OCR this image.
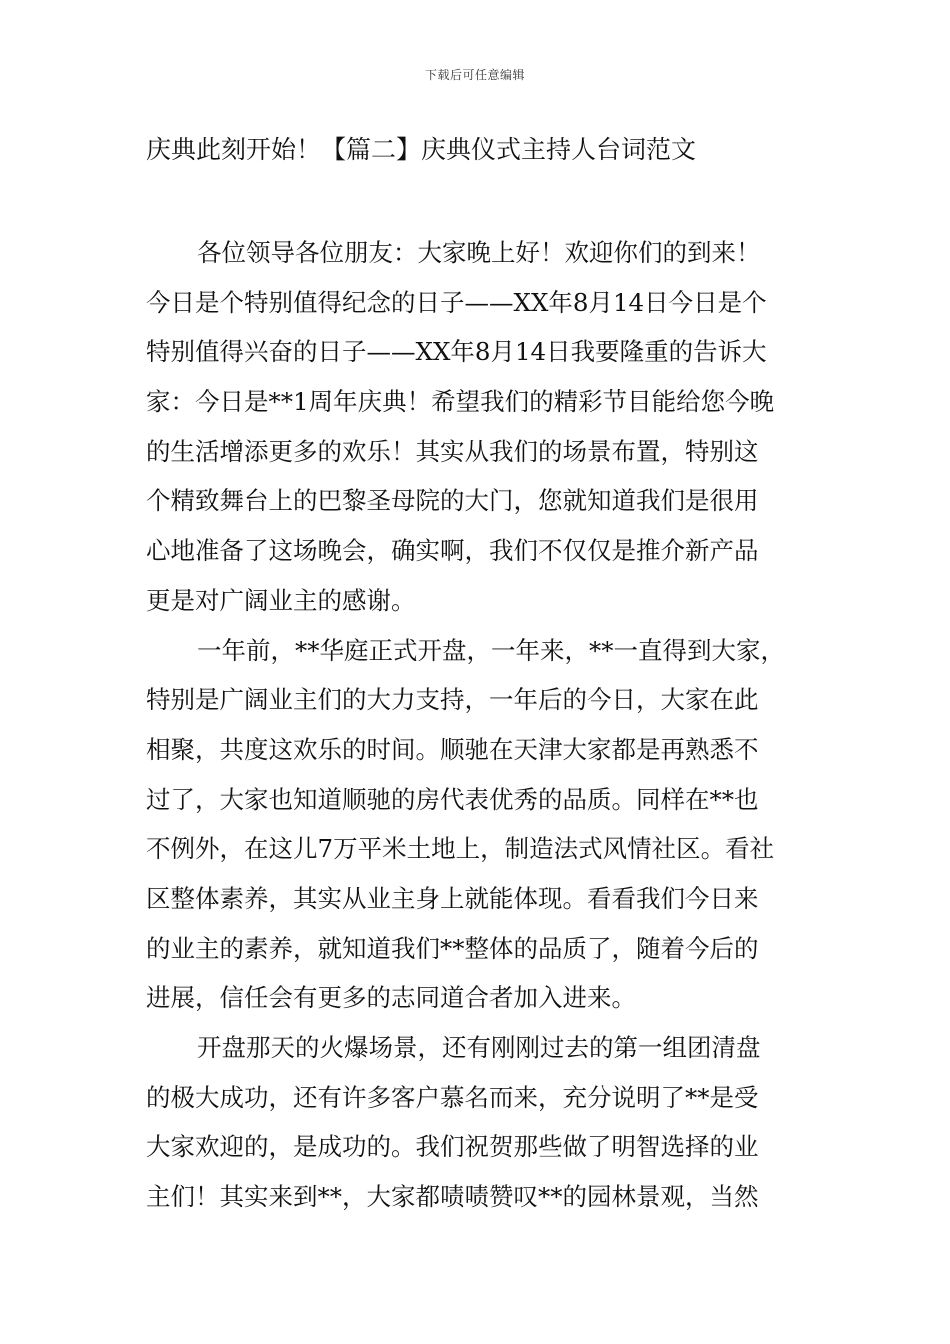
下载后可任意编辑
庆典此刻开始！【篇二】庆典仪式主持人台词范文
各位领导各位朋友：大家晚上好！欢迎你们的到来！
今日是个特别值得纪念的日子——XX年8月14日今日是个
特别值得兴奋的日子——XX年8月14日我要隆重的告诉大
家：今日是**1周年庆典！希望我们的精彩节目能给您今晚
的生活增添更多的欢乐！其实从我们的场景布置，特别这
个精致舞台上的巴黎圣母院的大门，您就知道我们是很用
心地准备了这场晚会，确实啊，我们不仅仅是推介新产品
更是对广阔业主的感谢。
一年前，**华庭正式开盘，一年来，**一直得到大家，
特别是广阔业主们的大力支持，一年后的今日，大家在此
相聚，共度这欢乐的时间。顺驰在天津大家都是再熟悉不
过了，大家也知道顺驰的房代表优秀的品质。同样在**也
不例外，在这儿7万平米土地上，制造法式风情社区。看社
区整体素养，其实从业主身上就能体现。看看我们今日来
的业主的素养，就知道我们**整体的品质了，随着今后的
进展，信任会有更多的志同道合者加入进来。
开盘那天的火爆场景，还有刚刚过去的第一组团清盘
的极大成功，还有许多客户慕名而来，充分说明了**是受
大家欢迎的，是成功的。我们祝贺那些做了明智选择的业
主们！其实来到**，大家都啧啧赞叹**的园林景观，当然
